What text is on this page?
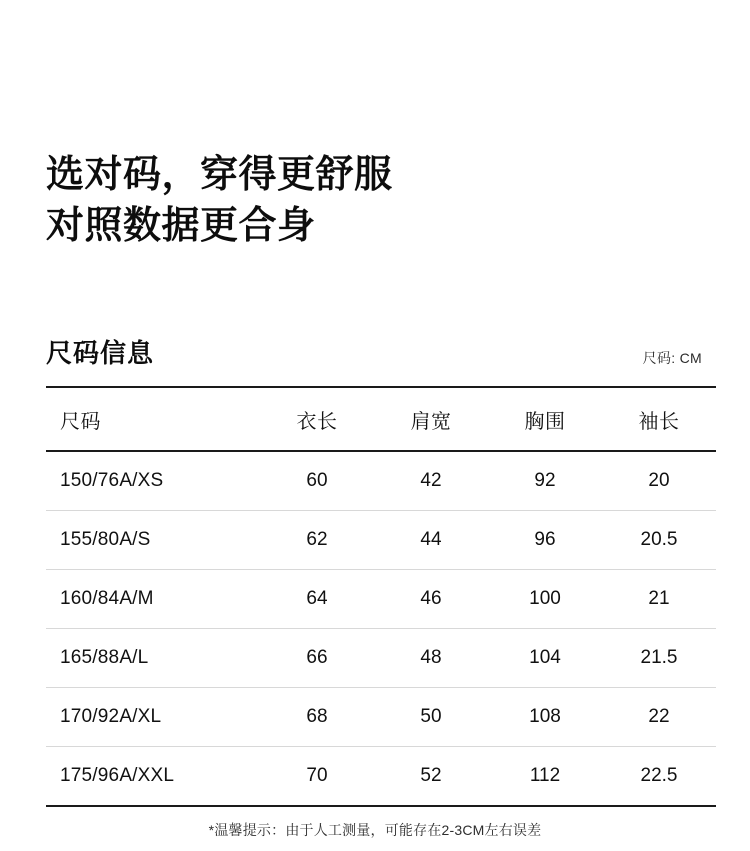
选对码，穿得更舒服
对照数据更合身
尺码信息	尺码: CM
尺码	衣长	肩宽	胸围	袖长
150/76A/XS	60	42	92	20
155/80A/S	62	44	96	20.5
160/84A/M	64	46	100	21
165/88A/L	66	48	104	21.5
170/92A/XL	68	50	108	22
175/96A/XXL	70	52	112	22.5
*温馨提示：由于人工测量，可能存在2-3CM左右误差
